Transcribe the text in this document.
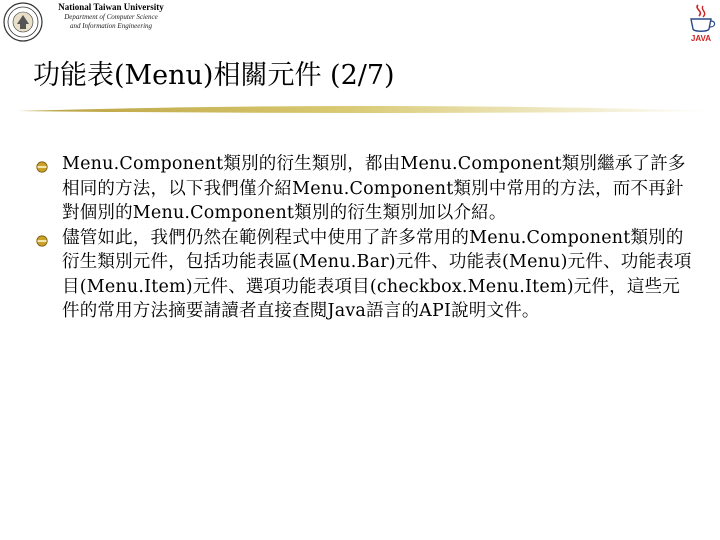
National Taiwan University
Department of Computer Science
and Information Engineering
JAVA
功能表(Menu)相關元件 (2/7)
Menu.Component類別的衍生類別，都由Menu.Component類別繼承了許多相同的方法，以下我們僅介紹Menu.Component類別中常用的方法，而不再針對個別的Menu.Component類別的衍生類別加以介紹。
儘管如此，我們仍然在範例程式中使用了許多常用的Menu.Component類別的衍生類別元件，包括功能表區(Menu.Bar)元件、功能表(Menu)元件、功能表項目(Menu.Item)元件、選項功能表項目(checkbox.Menu.Item)元件，這些元件的常用方法摘要請讀者直接查閱Java語言的API說明文件。
